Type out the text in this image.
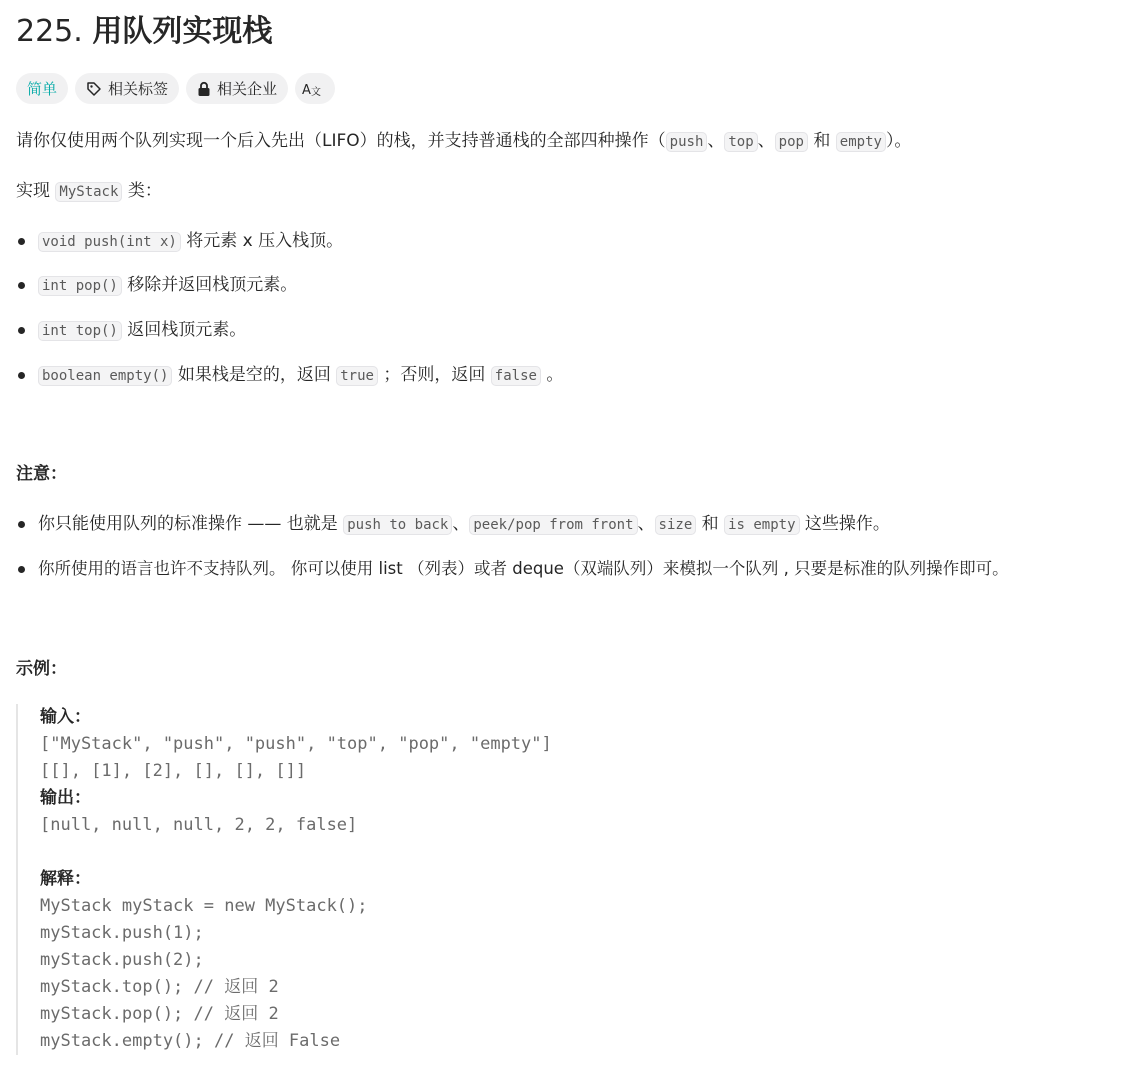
225. 用队列实现栈
简单	相关标签	相关企业 A 文
请你仅使用两个队列实现一个后入先出（LIFO）的栈，并支持普通栈的全部四种操作（ push 、 top 、 pop 和 empty ）。
实现 MyStack 类：
void push(int x) 将元素 x 压入栈顶。
int pop() 移除并返回栈顶元素。
int top() 返回栈顶元素。
boolean empty() 如果栈是空的，返回 true ；否则，返回 false 。
注意：
你只能使用队列的标准操作 —— 也就是 push to back 、 peek/pop from front 、 size 和 is empty 这些操作。
你所使用的语言也许不支持队列。 你可以使用 list （列表）或者 deque（双端队列）来模拟一个队列 , 只要是标准的队列操作即可。
示例：
输入：
["MyStack", "push", "push", "top", "pop", "empty"]
[[], [1], [2], [], [], []]
输出：
[null, null, null, 2, 2, false]
解释：
MyStack myStack = new MyStack();
myStack.push(1);
myStack.push(2);
myStack.top(); // 返回 2
myStack.pop(); // 返回 2
myStack.empty(); // 返回 False
